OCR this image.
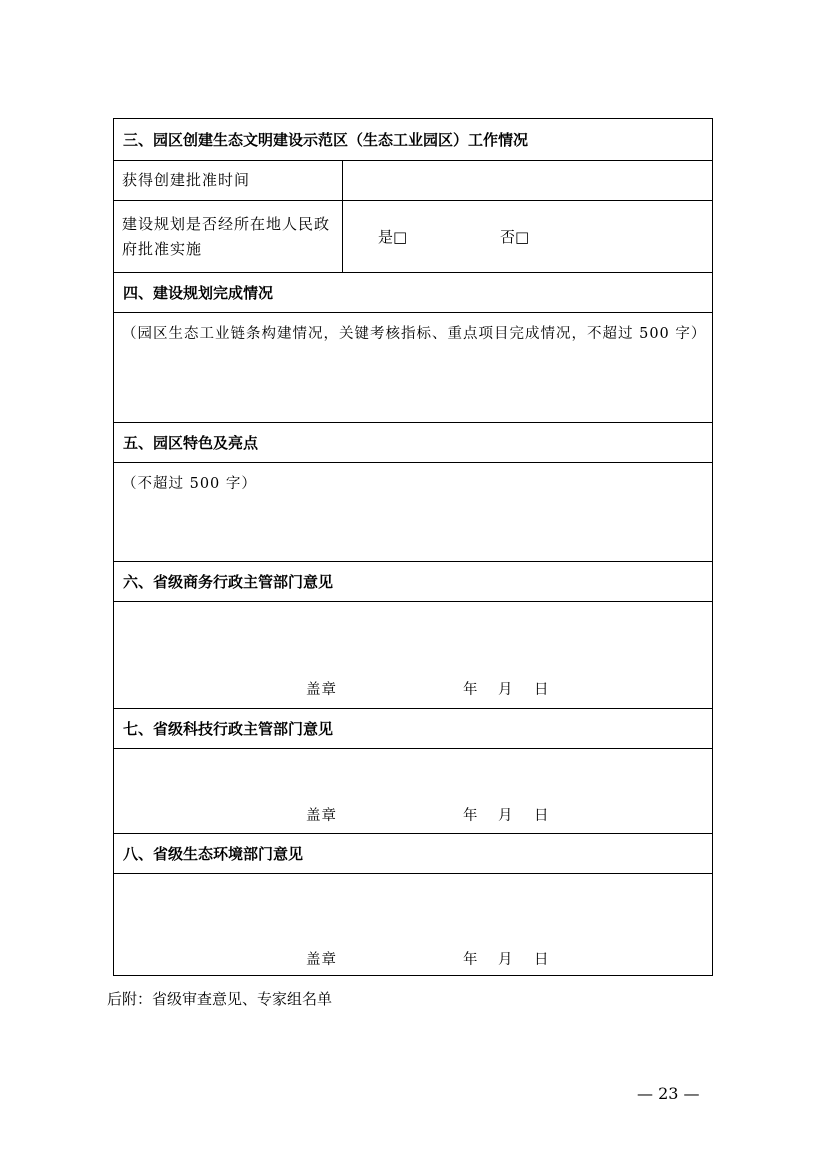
三、园区创建生态文明建设示范区（生态工业园区）工作情况
获得创建批准时间
建设规划是否经所在地人民政府批准实施
是□	否□
四、建设规划完成情况
（园区生态工业链条构建情况，关键考核指标、重点项目完成情况，不超过 500 字）
五、园区特色及亮点
（不超过 500 字）
六、省级商务行政主管部门意见
盖章	年 月 日
七、省级科技行政主管部门意见
盖章	年 月 日
八、省级生态环境部门意见
盖章	年 月 日
后附：省级审查意见、专家组名单
— 23 —
